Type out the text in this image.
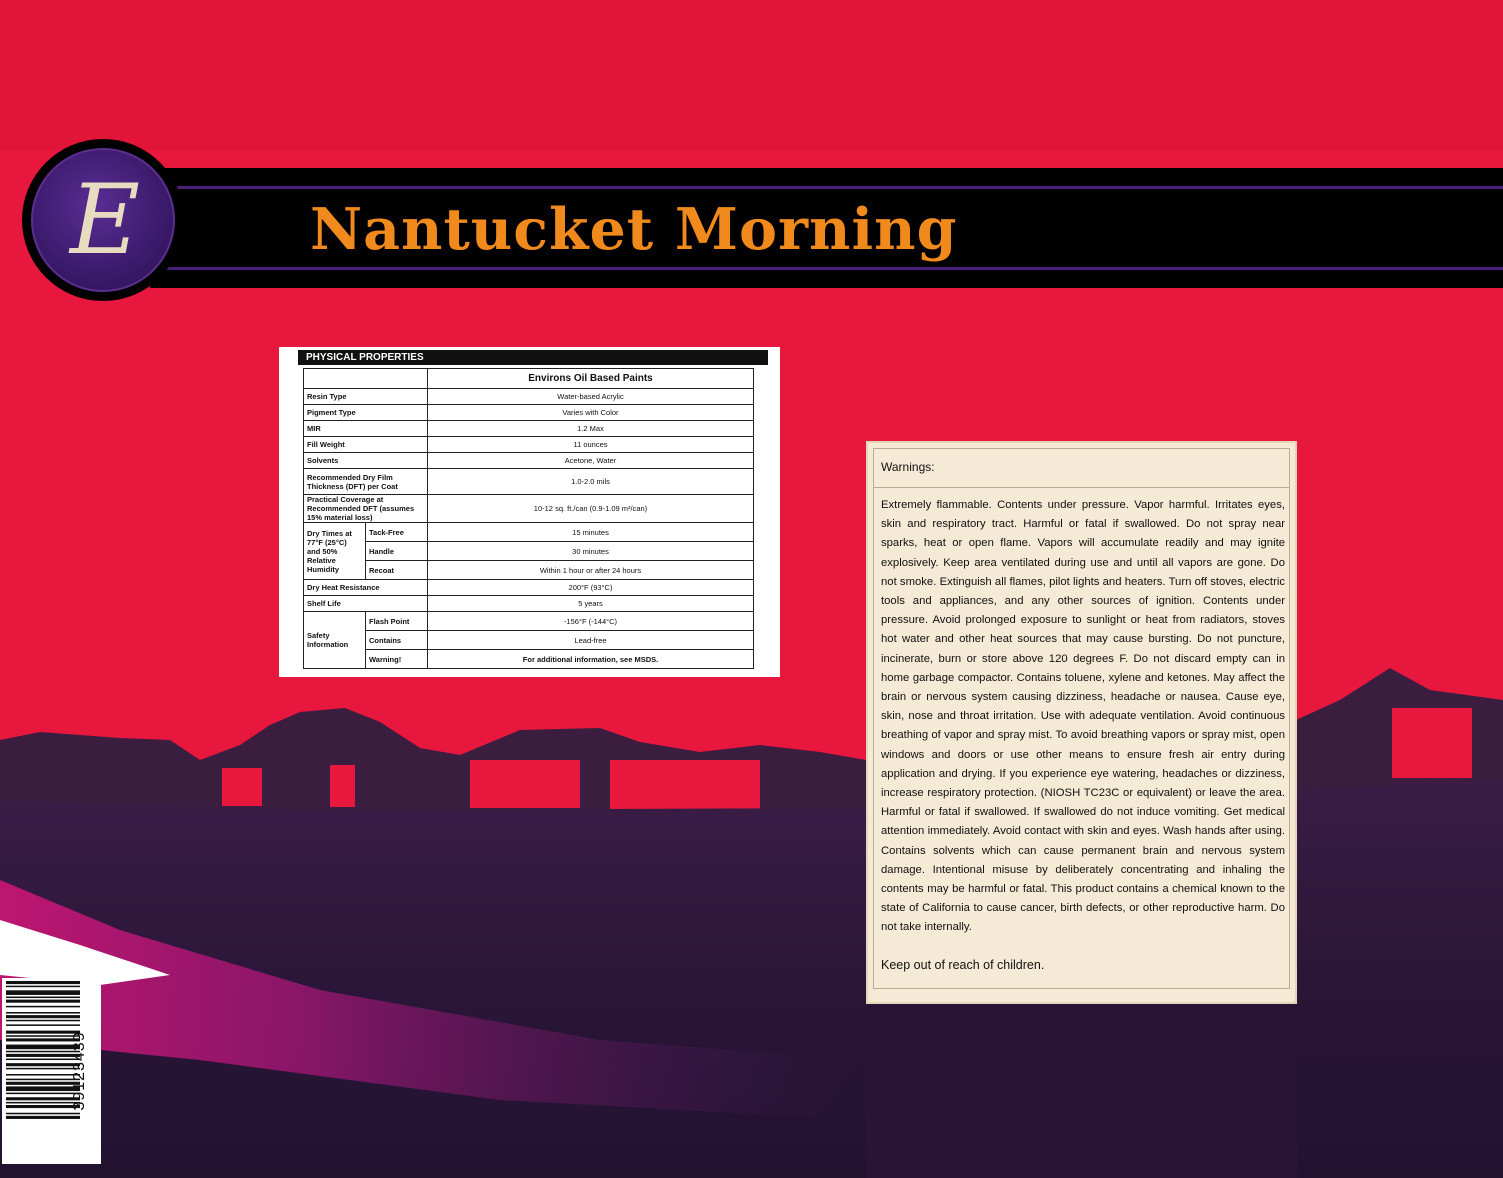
Nantucket Morning
E
PHYSICAL PROPERTIES
		Environs Oil Based Paints
Resin Type		Water-based Acrylic
Pigment Type		Varies with Color
MIR		1.2 Max
Fill Weight		11 ounces
Solvents		Acetone, Water
Recommended Dry Film Thickness (DFT) per Coat		1.0-2.0 mils
Practical Coverage at Recommended DFT (assumes 15% material loss)		10-12 sq. ft./can (0.9-1.09 m²/can)
Dry Times at 77°F (25°C) and 50% Relative Humidity	Tack-Free	15 minutes
	Handle	30 minutes
	Recoat	Within 1 hour or after 24 hours
Dry Heat Resistance		200°F (93°C)
Shelf Life		5 years
Safety Information	Flash Point	-156°F (-144°C)
	Contains	Lead-free
	Warning!	For additional information, see MSDS.
Warnings:

Extremely flammable. Contents under pressure. Vapor harmful. Irritates eyes, skin and respiratory tract. Harmful or fatal if swallowed. Do not spray near sparks, heat or open flame. Vapors will accumulate readily and may ignite explosively. Keep area ventilated during use and until all vapors are gone. Do not smoke. Extinguish all flames, pilot lights and heaters. Turn off stoves, electric tools and appliances, and any other sources of ignition. Contents under pressure. Avoid prolonged exposure to sunlight or heat from radiators, stoves hot water and other heat sources that may cause bursting. Do not puncture, incinerate, burn or store above 120 degrees F. Do not discard empty can in home garbage compactor. Contains toluene, xylene and ketones. May affect the brain or nervous system causing dizziness, headache or nausea. Cause eye, skin, nose and throat irritation. Use with adequate ventilation. Avoid continuous breathing of vapor and spray mist. To avoid breathing vapors or spray mist, open windows and doors or use other means to ensure fresh air entry during application and drying. If you experience eye watering, headaches or dizziness, increase respiratory protection. (NIOSH TC23C or equivalent) or leave the area. Harmful or fatal if swallowed. If swallowed do not induce vomiting. Get medical attention immediately. Avoid contact with skin and eyes. Wash hands after using. Contains solvents which can cause permanent brain and nervous system damage. Intentional misuse by deliberately concentrating and inhaling the contents may be harmful or fatal. This product contains a chemical known to the state of California to cause cancer, birth defects, or other reproductive harm. Do not take internally.

Keep out of reach of children.

39123439
